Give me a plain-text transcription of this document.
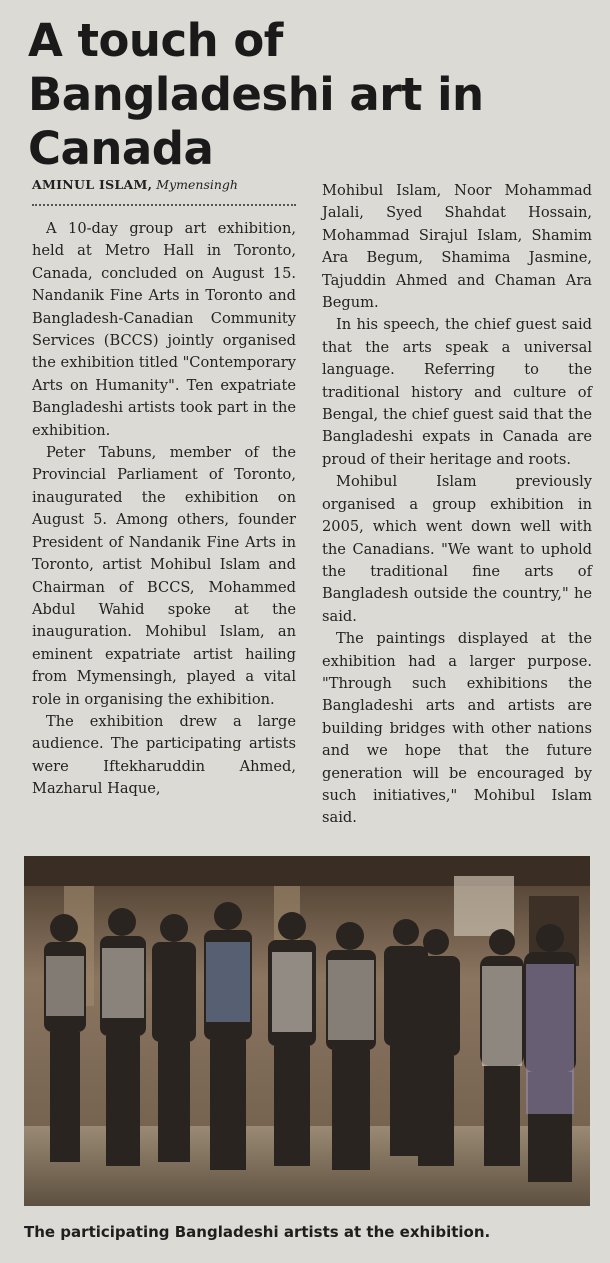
A touch of Bangladeshi art in Canada
AMINUL ISLAM, Mymensingh

A 10-day group art exhibition, held at Metro Hall in Toronto, Canada, concluded on August 15. Nandanik Fine Arts in Toronto and Bangladesh-Canadian Community Services (BCCS) jointly organised the exhibition titled "Contemporary Arts on Humanity". Ten expatriate Bangladeshi artists took part in the exhibition.

Peter Tabuns, member of the Provincial Parliament of Toronto, inaugurated the exhibition on August 5. Among others, founder President of Nandanik Fine Arts in Toronto, artist Mohibul Islam and Chairman of BCCS, Mohammed Abdul Wahid spoke at the inauguration. Mohibul Islam, an eminent expatriate artist hailing from Mymensingh, played a vital role in organising the exhibition.

The exhibition drew a large audience. The participating artists were Iftekharuddin Ahmed, Mazharul Haque,

Mohibul Islam, Noor Mohammad Jalali, Syed Shahdat Hossain, Mohammad Sirajul Islam, Shamim Ara Begum, Shamima Jasmine, Tajuddin Ahmed and Chaman Ara Begum.

In his speech, the chief guest said that the arts speak a universal language. Referring to the traditional history and culture of Bengal, the chief guest said that the Bangladeshi expats in Canada are proud of their heritage and roots.

Mohibul Islam previously organised a group exhibition in 2005, which went down well with the Canadians. "We want to uphold the traditional fine arts of Bangladesh outside the country," he said.

The paintings displayed at the exhibition had a larger purpose. "Through such exhibitions the Bangladeshi arts and artists are building bridges with other nations and we hope that the future generation will be encouraged by such initiatives," Mohibul Islam said.

The participating Bangladeshi artists at the exhibition.
